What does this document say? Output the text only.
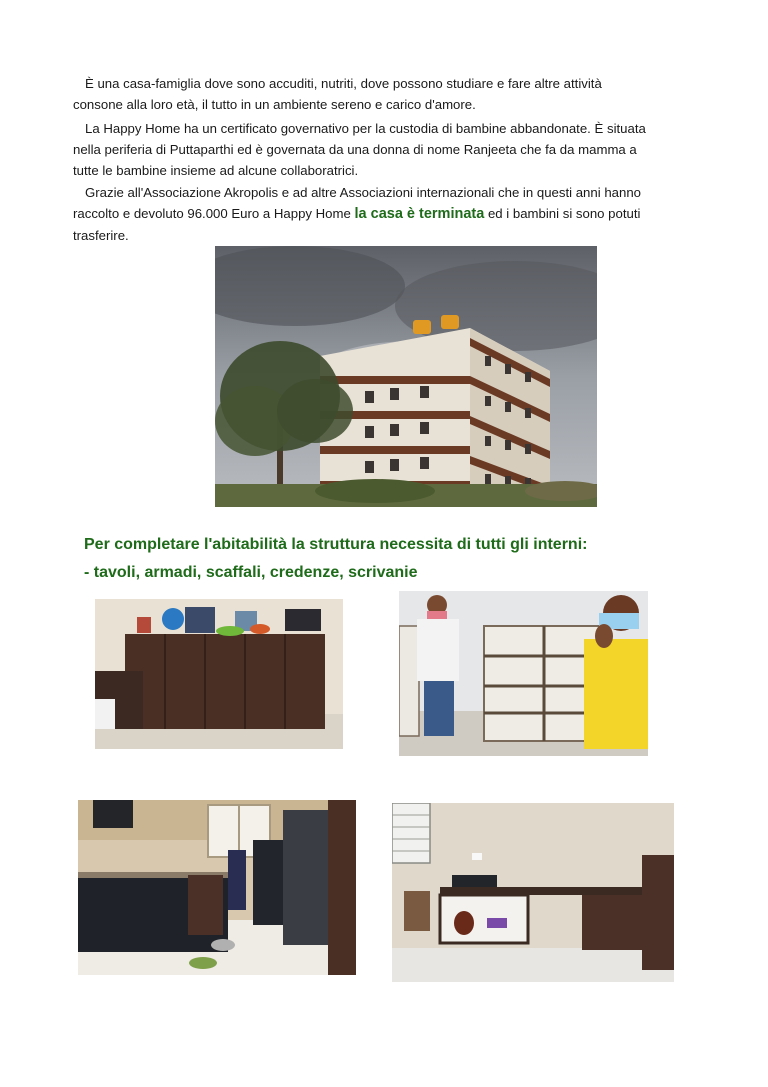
È una casa-famiglia dove sono accuditi, nutriti, dove possono studiare e fare altre attività
consone alla loro età, il tutto in un ambiente sereno e carico d'amore.
La Happy Home ha un certificato governativo per la custodia di bambine abbandonate. È situata
nella periferia di Puttaparthi ed è governata da una donna di nome Ranjeeta che fa da mamma a
tutte le bambine insieme ad alcune collaboratrici.
Grazie all'Associazione Akropolis e ad altre Associazioni internazionali che in questi anni hanno
raccolto e devoluto 96.000 Euro a Happy Home la casa è terminata ed i bambini si sono potuti
trasferire.

Per completare l'abitabilità la struttura necessita di tutti gli interni:

- tavoli, armadi, scaffali, credenze, scrivanie
